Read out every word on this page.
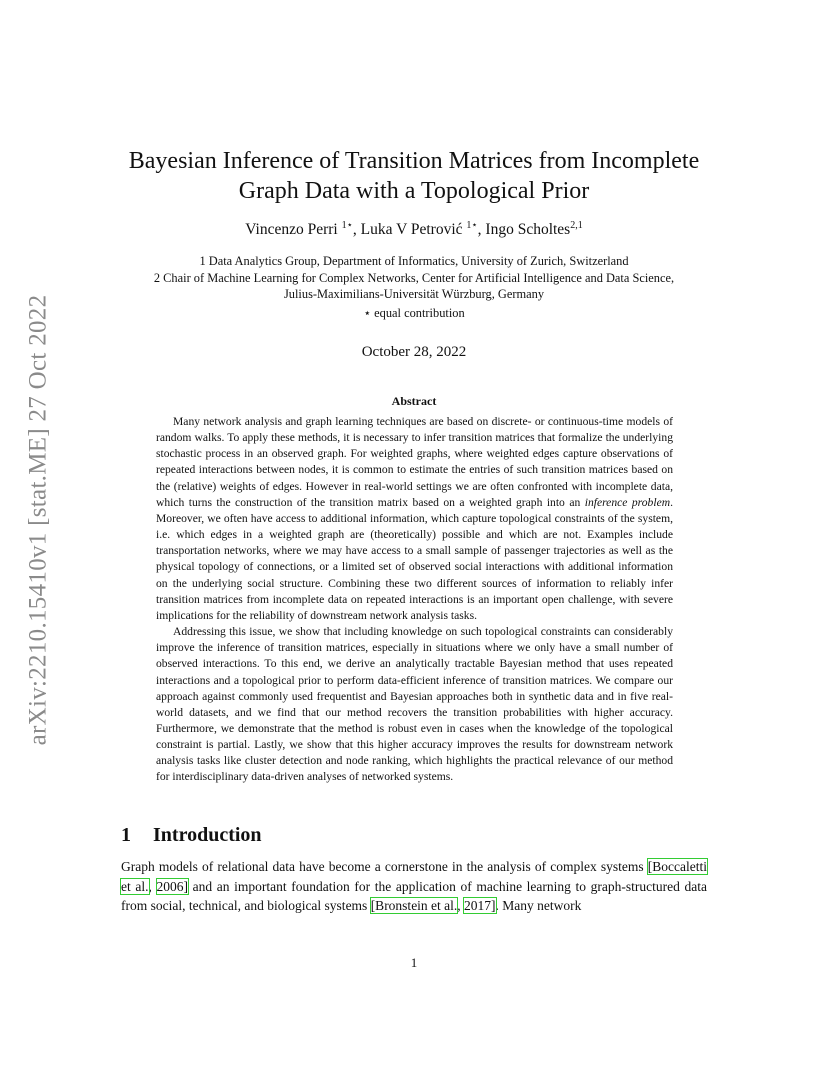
arXiv:2210.15410v1 [stat.ME] 27 Oct 2022
Bayesian Inference of Transition Matrices from Incomplete Graph Data with a Topological Prior
Vincenzo Perri $^{1⋆}$, Luka V Petrović $^{1⋆}$, Ingo Scholtes$^{2,1}$
1 Data Analytics Group, Department of Informatics, University of Zurich, Switzerland
2 Chair of Machine Learning for Complex Networks, Center for Artificial Intelligence and Data Science,
Julius-Maximilians-Universität Würzburg, Germany
⋆ equal contribution
October 28, 2022
Abstract

Many network analysis and graph learning techniques are based on discrete- or continuous-time models of random walks. To apply these methods, it is necessary to infer transition matrices that formalize the underlying stochastic process in an observed graph. For weighted graphs, where weighted edges capture observations of repeated interactions between nodes, it is common to estimate the entries of such transition matrices based on the (relative) weights of edges. However in real-world settings we are often confronted with incomplete data, which turns the construction of the transition matrix based on a weighted graph into an inference problem. Moreover, we often have access to additional information, which capture topological constraints of the system, i.e. which edges in a weighted graph are (theoretically) possible and which are not. Examples include transportation networks, where we may have access to a small sample of passenger trajectories as well as the physical topology of connections, or a limited set of observed social interactions with additional information on the underlying social structure. Combining these two different sources of information to reliably infer transition matrices from incomplete data on repeated interactions is an important open challenge, with severe implications for the reliability of downstream network analysis tasks.

Addressing this issue, we show that including knowledge on such topological constraints can considerably improve the inference of transition matrices, especially in situations where we only have a small number of observed interactions. To this end, we derive an analytically tractable Bayesian method that uses repeated interactions and a topological prior to perform data-efficient inference of transition matrices. We compare our approach against commonly used frequentist and Bayesian approaches both in synthetic data and in five real-world datasets, and we find that our method recovers the transition probabilities with higher accuracy. Furthermore, we demonstrate that the method is robust even in cases when the knowledge of the topological constraint is partial. Lastly, we show that this higher accuracy improves the results for downstream network analysis tasks like cluster detection and node ranking, which highlights the practical relevance of our method for interdisciplinary data-driven analyses of networked systems.

1 Introduction

Graph models of relational data have become a cornerstone in the analysis of complex systems [Boccaletti et al., 2006] and an important foundation for the application of machine learning to graph-structured data from social, technical, and biological systems [Bronstein et al., 2017]. Many network

1
